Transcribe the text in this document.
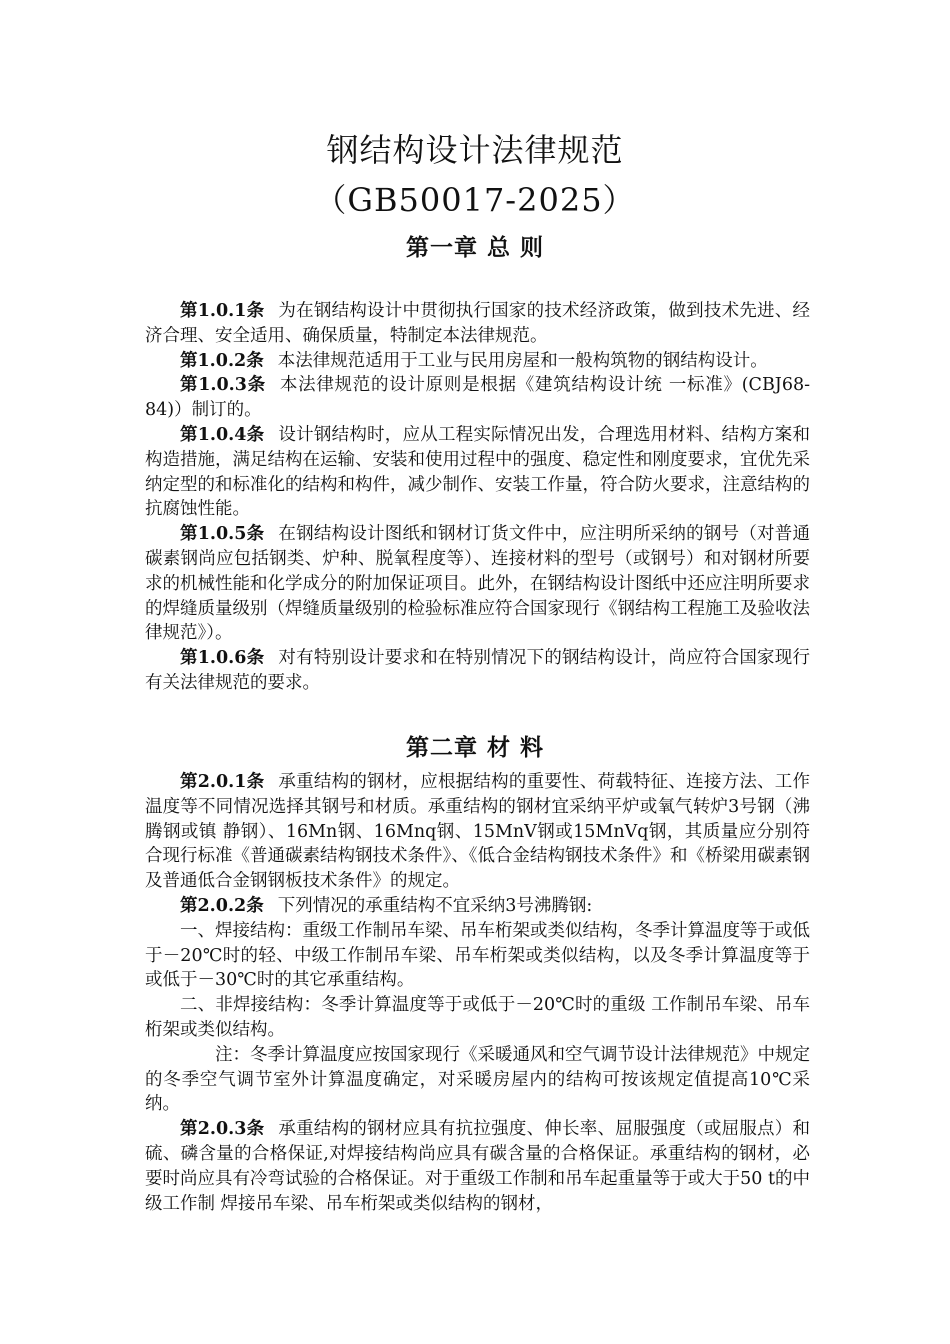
钢结构设计法律规范
（GB50017-2025）
第一章 总 则

第1.0.1条 为在钢结构设计中贯彻执行国家的技术经济政策，做到技术先进、经济合理、安全适用、确保质量，特制定本法律规范。

第1.0.2条 本法律规范适用于工业与民用房屋和一般构筑物的钢结构设计。

第1.0.3条 本法律规范的设计原则是根据《建筑结构设计统 一标准》(CBJ68-84)）制订的。

第1.0.4条 设计钢结构时，应从工程实际情况出发，合理选用材料、结构方案和构造措施，满足结构在运输、安装和使用过程中的强度、稳定性和刚度要求，宜优先采纳定型的和标准化的结构和构件，减少制作、安装工作量，符合防火要求，注意结构的抗腐蚀性能。

第1.0.5条 在钢结构设计图纸和钢材订货文件中，应注明所采纳的钢号（对普通碳素钢尚应包括钢类、炉种、脱氧程度等）、连接材料的型号（或钢号）和对钢材所要求的机械性能和化学成分的附加保证项目。此外，在钢结构设计图纸中还应注明所要求的焊缝质量级别（焊缝质量级别的检验标准应符合国家现行《钢结构工程施工及验收法律规范》）。

第1.0.6条 对有特别设计要求和在特别情况下的钢结构设计，尚应符合国家现行有关法律规范的要求。

第二章 材 料

第2.0.1条 承重结构的钢材，应根据结构的重要性、荷载特征、连接方法、工作温度等不同情况选择其钢号和材质。承重结构的钢材宜采纳平炉或氧气转炉3号钢（沸腾钢或镇 静钢）、16Mn钢、16Mnq钢、15MnV钢或15MnVq钢，其质量应分别符合现行标准《普通碳素结构钢技术条件》、《低合金结构钢技术条件》和《桥梁用碳素钢及普通低合金钢钢板技术条件》的规定。

第2.0.2条 下列情况的承重结构不宜采纳3号沸腾钢:

一、焊接结构：重级工作制吊车梁、吊车桁架或类似结构，冬季计算温度等于或低于－20℃时的轻、中级工作制吊车梁、吊车桁架或类似结构，以及冬季计算温度等于或低于－30℃时的其它承重结构。

二、非焊接结构：冬季计算温度等于或低于－20℃时的重级 工作制吊车梁、吊车桁架或类似结构。

注：冬季计算温度应按国家现行《采暖通风和空气调节设计法律规范》中规定的冬季空气调节室外计算温度确定，对采暖房屋内的结构可按该规定值提高10℃采纳。

第2.0.3条 承重结构的钢材应具有抗拉强度、伸长率、屈服强度（或屈服点）和硫、磷含量的合格保证,对焊接结构尚应具有碳含量的合格保证。承重结构的钢材，必要时尚应具有冷弯试验的合格保证。对于重级工作制和吊车起重量等于或大于50 t的中级工作制 焊接吊车梁、吊车桁架或类似结构的钢材，
